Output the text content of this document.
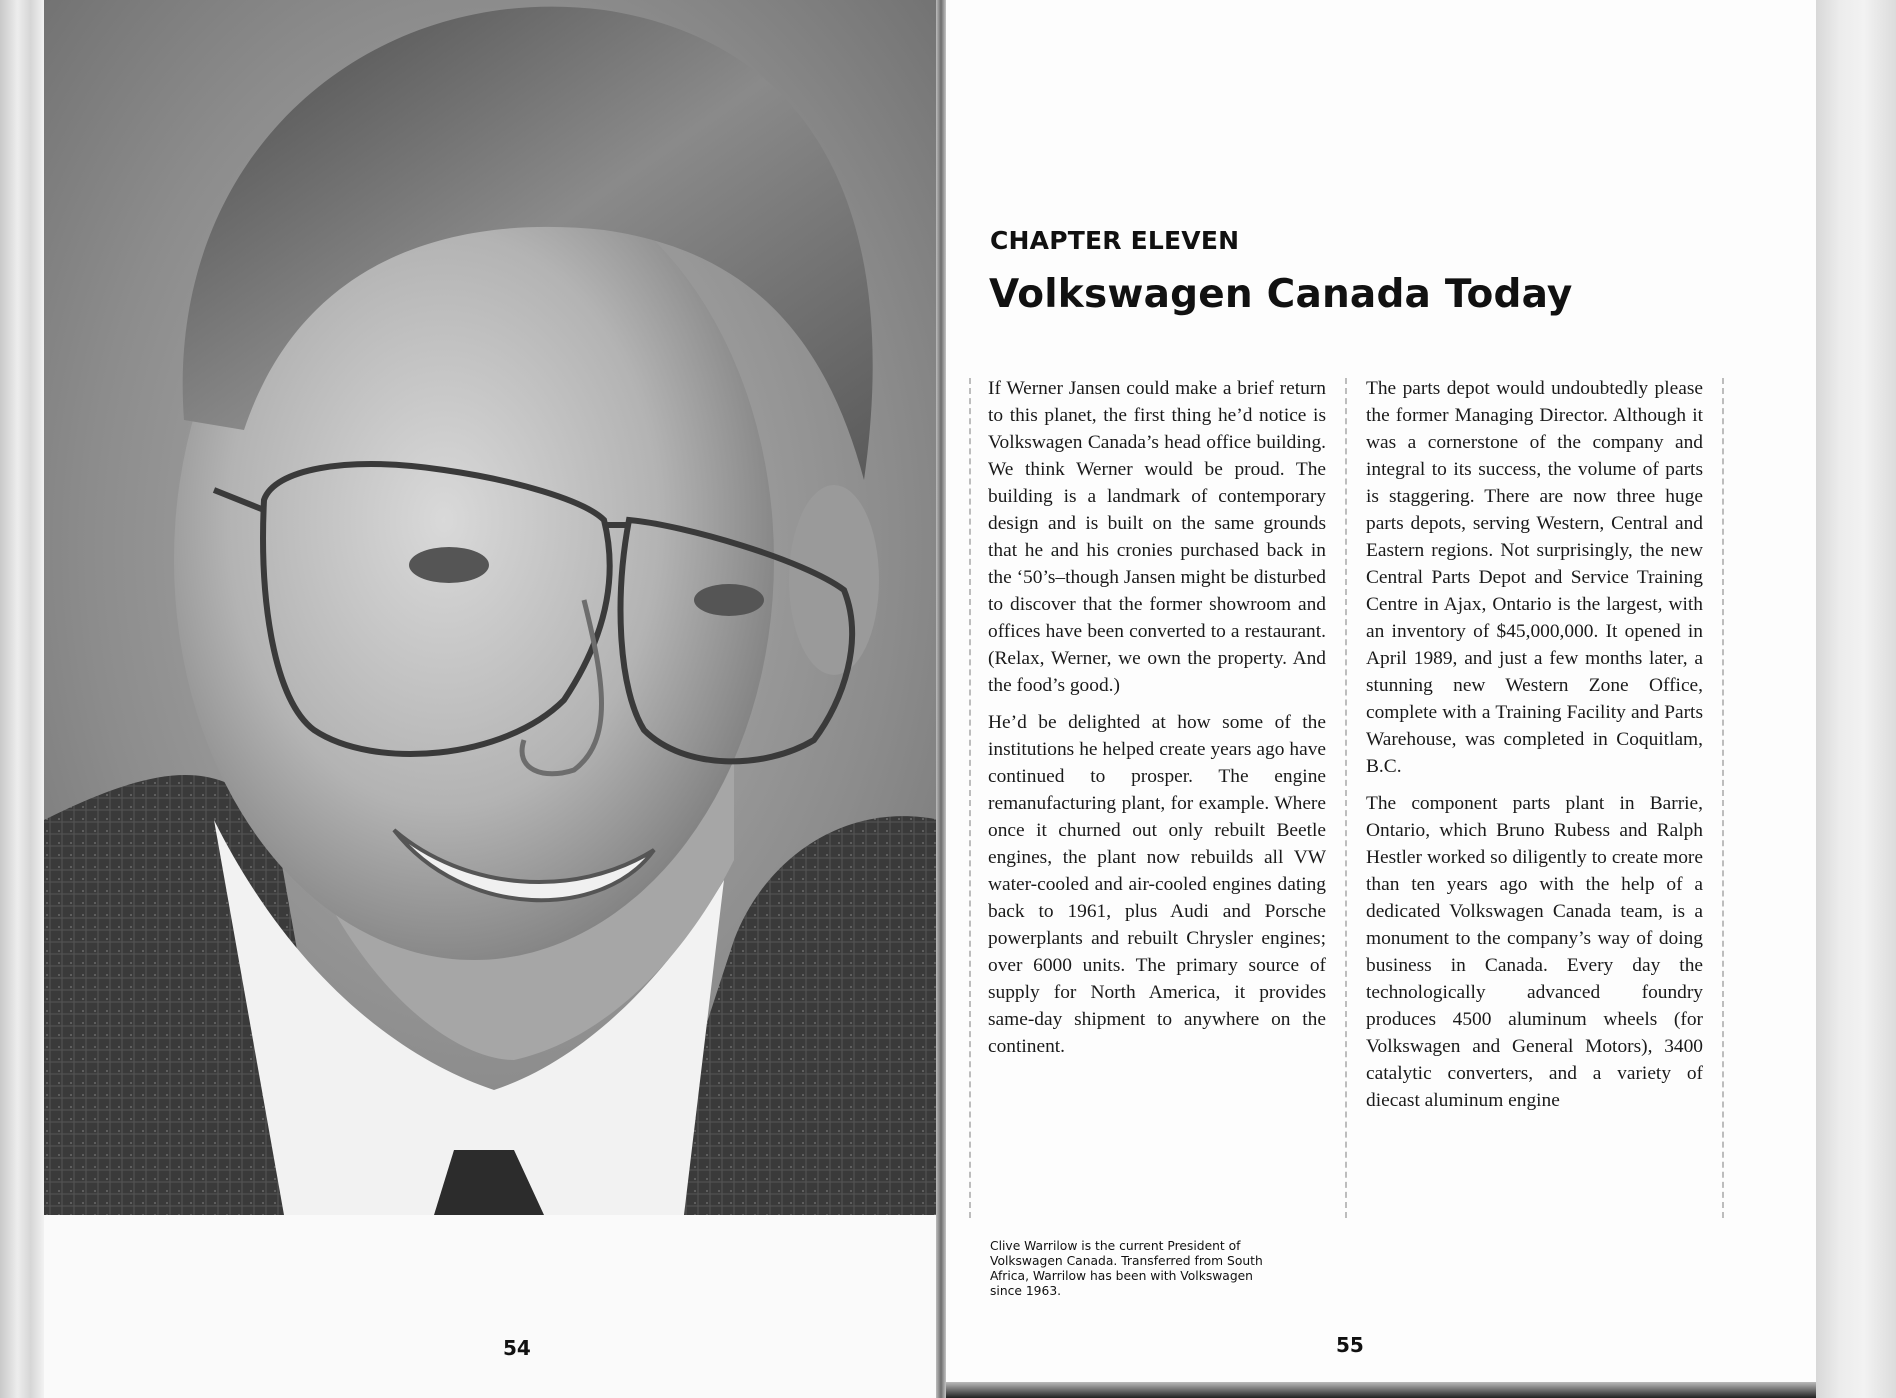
54
CHAPTER ELEVEN
Volkswagen Canada Today

If Werner Jansen could make a brief return to this planet, the first thing he’d notice is Volkswagen Canada’s head office building. We think Werner would be proud. The building is a landmark of contemporary design and is built on the same grounds that he and his cronies purchased back in the ‘50’s–though Jansen might be disturbed to discover that the former showroom and offices have been converted to a restaurant. (Relax, Werner, we own the property. And the food’s good.)

He’d be delighted at how some of the institutions he helped create years ago have continued to prosper. The engine remanufacturing plant, for example. Where once it churned out only rebuilt Beetle engines, the plant now rebuilds all VW water-cooled and air-cooled engines dating back to 1961, plus Audi and Porsche powerplants and rebuilt Chrysler engines; over 6000 units. The primary source of supply for North America, it provides same-day shipment to anywhere on the continent.

The parts depot would undoubtedly please the former Managing Director. Although it was a cornerstone of the company and integral to its success, the volume of parts is staggering. There are now three huge parts depots, serving Western, Central and Eastern regions. Not surprisingly, the new Central Parts Depot and Service Training Centre in Ajax, Ontario is the largest, with an inventory of $45,000,000. It opened in April 1989, and just a few months later, a stunning new Western Zone Office, complete with a Training Facility and Parts Warehouse, was completed in Coquitlam, B.C.

The component parts plant in Barrie, Ontario, which Bruno Rubess and Ralph Hestler worked so diligently to create more than ten years ago with the help of a dedicated Volkswagen Canada team, is a monument to the company’s way of doing business in Canada. Every day the technologically advanced foundry produces 4500 aluminum wheels (for Volkswagen and General Motors), 3400 catalytic converters, and a variety of diecast aluminum engine

Clive Warrilow is the current President of Volkswagen Canada. Transferred from South Africa, Warrilow has been with Volkswagen since 1963.
55
